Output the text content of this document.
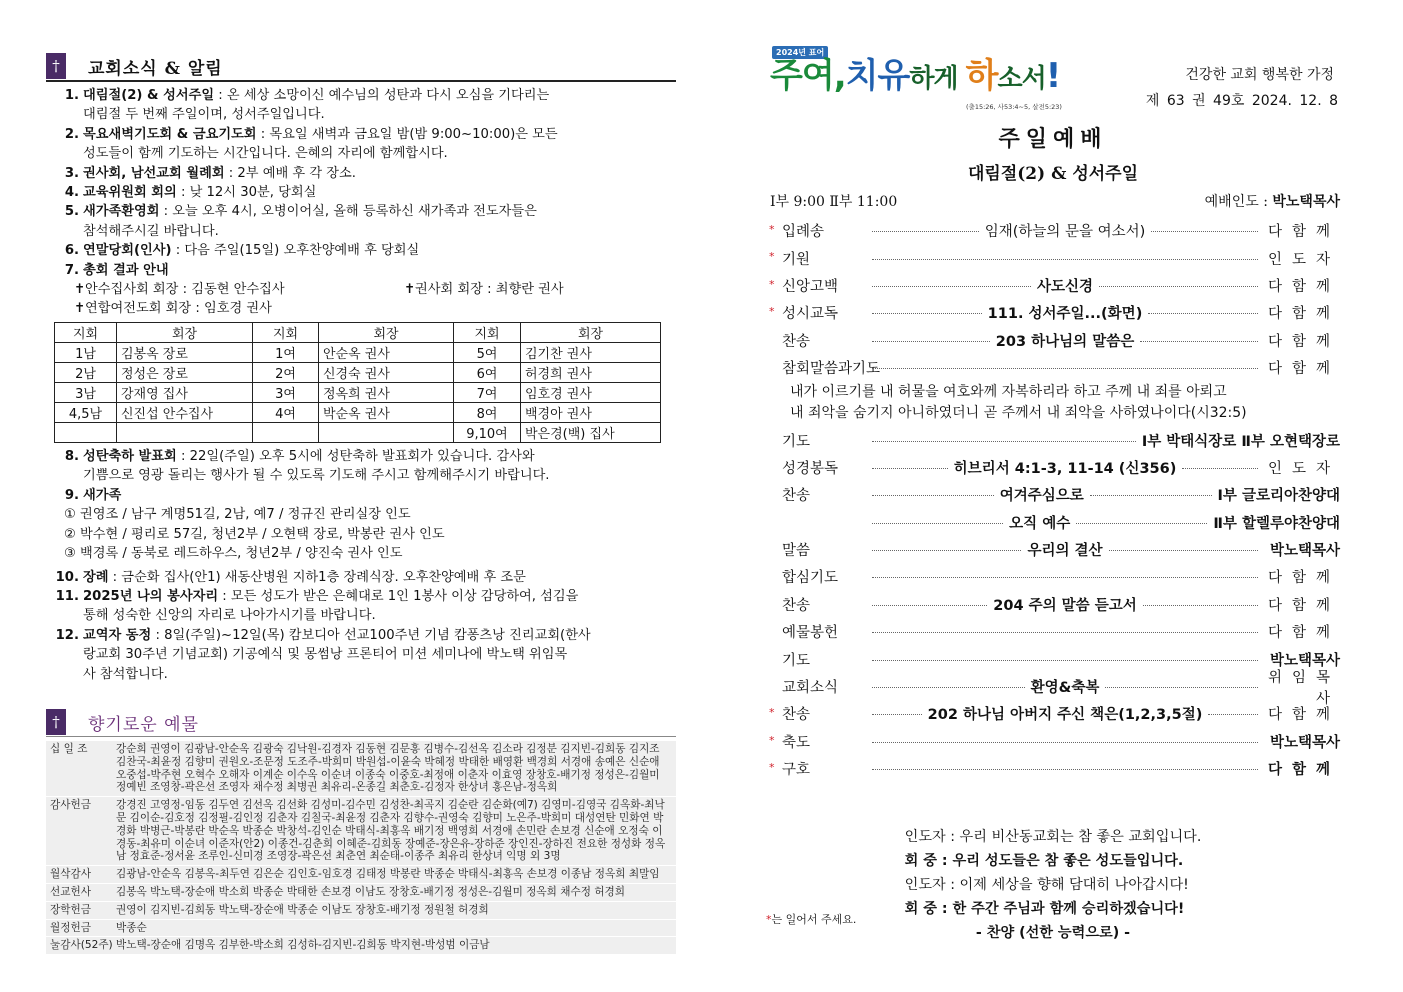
†	교회소식 & 알림
1. 대림절(2) & 성서주일 : 온 세상 소망이신 예수님의 성탄과 다시 오심을 기다리는
대림절 두 번째 주일이며, 성서주일입니다.
2. 목요새벽기도회 & 금요기도회 : 목요일 새벽과 금요일 밤(밤 9:00~10:00)은 모든
성도들이 함께 기도하는 시간입니다. 은혜의 자리에 함께합시다.
3. 권사회, 남선교회 월례회 : 2부 예배 후 각 장소.
4. 교육위원회 회의 : 낮 12시 30분, 당회실
5. 새가족환영회 : 오늘 오후 4시, 오병이어실, 올해 등록하신 새가족과 전도자들은
참석해주시길 바랍니다.
6. 연말당회(인사) : 다음 주일(15일) 오후찬양예배 후 당회실
7. 총회 결과 안내
✝안수집사회 회장 : 김동현 안수집사	✝권사회 회장 : 최향란 권사
✝연합여전도회 회장 : 임호경 권사
지회	회장	지회	회장	지회	회장
1남	김봉옥 장로	1여	안순옥 권사	5여	김기찬 권사
2남	정성은 장로	2여	신경숙 권사	6여	허경희 권사
3남	강재영 집사	3여	정옥희 권사	7여	임호경 권사
4,5남	신진섭 안수집사	4여	박순옥 권사	8여	백경아 권사
				9,10여	박은경(백) 집사
8. 성탄축하 발표회 : 22일(주일) 오후 5시에 성탄축하 발표회가 있습니다. 감사와
기쁨으로 영광 돌리는 행사가 될 수 있도록 기도해 주시고 함께해주시기 바랍니다.
9. 새가족
① 권영조 / 남구 계명51길, 2남, 예7 / 정규진 관리실장 인도
② 박수현 / 평리로 57길, 청년2부 / 오현택 장로, 박봉란 권사 인도
③ 백경록 / 동북로 레드하우스, 청년2부 / 양진숙 권사 인도
10. 장례 : 금순화 집사(안1) 새동산병원 지하1층 장례식장. 오후찬양예배 후 조문
11. 2025년 나의 봉사자리 : 모든 성도가 받은 은혜대로 1인 1봉사 이상 감당하여, 섬김을
통해 성숙한 신앙의 자리로 나아가시기를 바랍니다.
12. 교역자 동정 : 8일(주일)~12일(목) 캄보디아 선교100주년 기념 캄퐁츠낭 진리교회(한사
랑교회 30주년 기념교회) 기공예식 및 몽썸낭 프론티어 미션 세미나에 박노택 위임목
사 참석합니다.
†	향기로운 예물
십 일 조	강순희 권영이 김광남-안순옥 김광숙 김낙원-김경자 김동현 김문홍 김병수-김선옥 김소라 김정분 김지빈-김희동 김지조 김찬국-최윤정 김향미 권원오-조문정 도조주-박희미 박원섭-이윤숙 박혜정 박태한 배영환 백경희 서경애 송예은 신순애 오중섭-박주현 오혁수 오해자 이계순 이수옥 이순녀 이종숙 이중호-최정애 이춘자 이효영 장창호-배기정 정성은-김월미 정예빈 조영창-곽은선 조영자 채수정 최병권 최유리-온종길 최춘호-김정자 한상녀 홍은남-정옥희
감사헌금	강경진 고영정-임동 김두연 김선옥 김선화 김성미-김수민 김성찬-최곡지 김순란 김순화(예7) 김영미-김영국 김옥화-최낙문 김이순-김호정 김정필-김인정 김춘자 김칠국-최윤정 김춘자 김향수-권영숙 김향미 노은주-박희미 대성연탄 민화연 박경화 박병근-박봉란 박순옥 박종순 박창석-김인순 박태식-최홍옥 배기정 백영희 서경애 손민란 손보경 신순애 오정숙 이경동-최유미 이순녀 이준자(안2) 이종건-김춘희 이혜준-김희동 장예준-장은유-장하준 장인진-장하진 전요한 정성화 정옥남 정효준-정서윤 조루인-신미경 조영장-곽은선 최춘연 최순태-이종주 최유리 한상녀 익명 외 3명
월삭감사	김광남-안순옥 김봉옥-최두연 김은순 김인호-임호경 김태정 박봉란 박종순 박태식-최홍옥 손보경 이종남 정옥희 최말임
선교헌사	김봉옥 박노택-장순애 박소희 박종순 박태한 손보경 이남도 장창호-배기정 정성은-김월미 정옥희 채수정 허경희
장학헌금	권영이 김지빈-김희동 박노택-장순애 박종순 이남도 장창호-배기정 정원철 허경희
월정헌금	박종순
눌감사(52주) 박노택-장순애 김명옥 김부한-박소희 김성하-김지빈-김희동 박지현-박성범 이금남
2024년 표어
주여,치유하게 하소서!
(출15:26, 사53:4~5, 살전5:23)
건강한 교회 행복한 가정
제 63 권 49호 2024. 12. 8
주일예배
대림절(2) & 성서주일
Ⅰ부 9:00 Ⅱ부 11:00	예배인도 : 박노택목사
* 입례송	임재(하늘의 문을 여소서)	다함께
* 기원	인도자
* 신앙고백	사도신경	다함께
* 성시교독	111. 성서주일...(화면)	다함께
찬송	203 하나님의 말씀은	다함께
참회말씀과기도	다함께
내가 이르기를 내 허물을 여호와께 자복하리라 하고 주께 내 죄를 아뢰고
내 죄악을 숨기지 아니하였더니 곧 주께서 내 죄악을 사하였나이다(시32:5)
기도	Ⅰ부 박태식장로 Ⅱ부 오현택장로
성경봉독	히브리서 4:1-3, 11-14 (신356)	인도자
찬송	여겨주심으로	Ⅰ부 글로리아찬양대
오직 예수	Ⅱ부 할렐루야찬양대
말씀	우리의 결산	박노택목사
합심기도	다함께
찬송	204 주의 말씀 듣고서	다함께
예물봉헌	다함께
기도	박노택목사
교회소식	환영&축복
위임목사
* 찬송	202 하나님 아버지 주신 책은(1,2,3,5절)	다함께
* 축도	박노택목사
* 구호	다함께
인도자 : 우리 비산동교회는 참 좋은 교회입니다.
회 중 : 우리 성도들은 참 좋은 성도들입니다.
인도자 : 이제 세상을 향해 담대히 나아갑시다!
회 중 : 한 주간 주님과 함께 승리하겠습니다!
- 찬양 (선한 능력으로) -
*는 일어서 주세요.
